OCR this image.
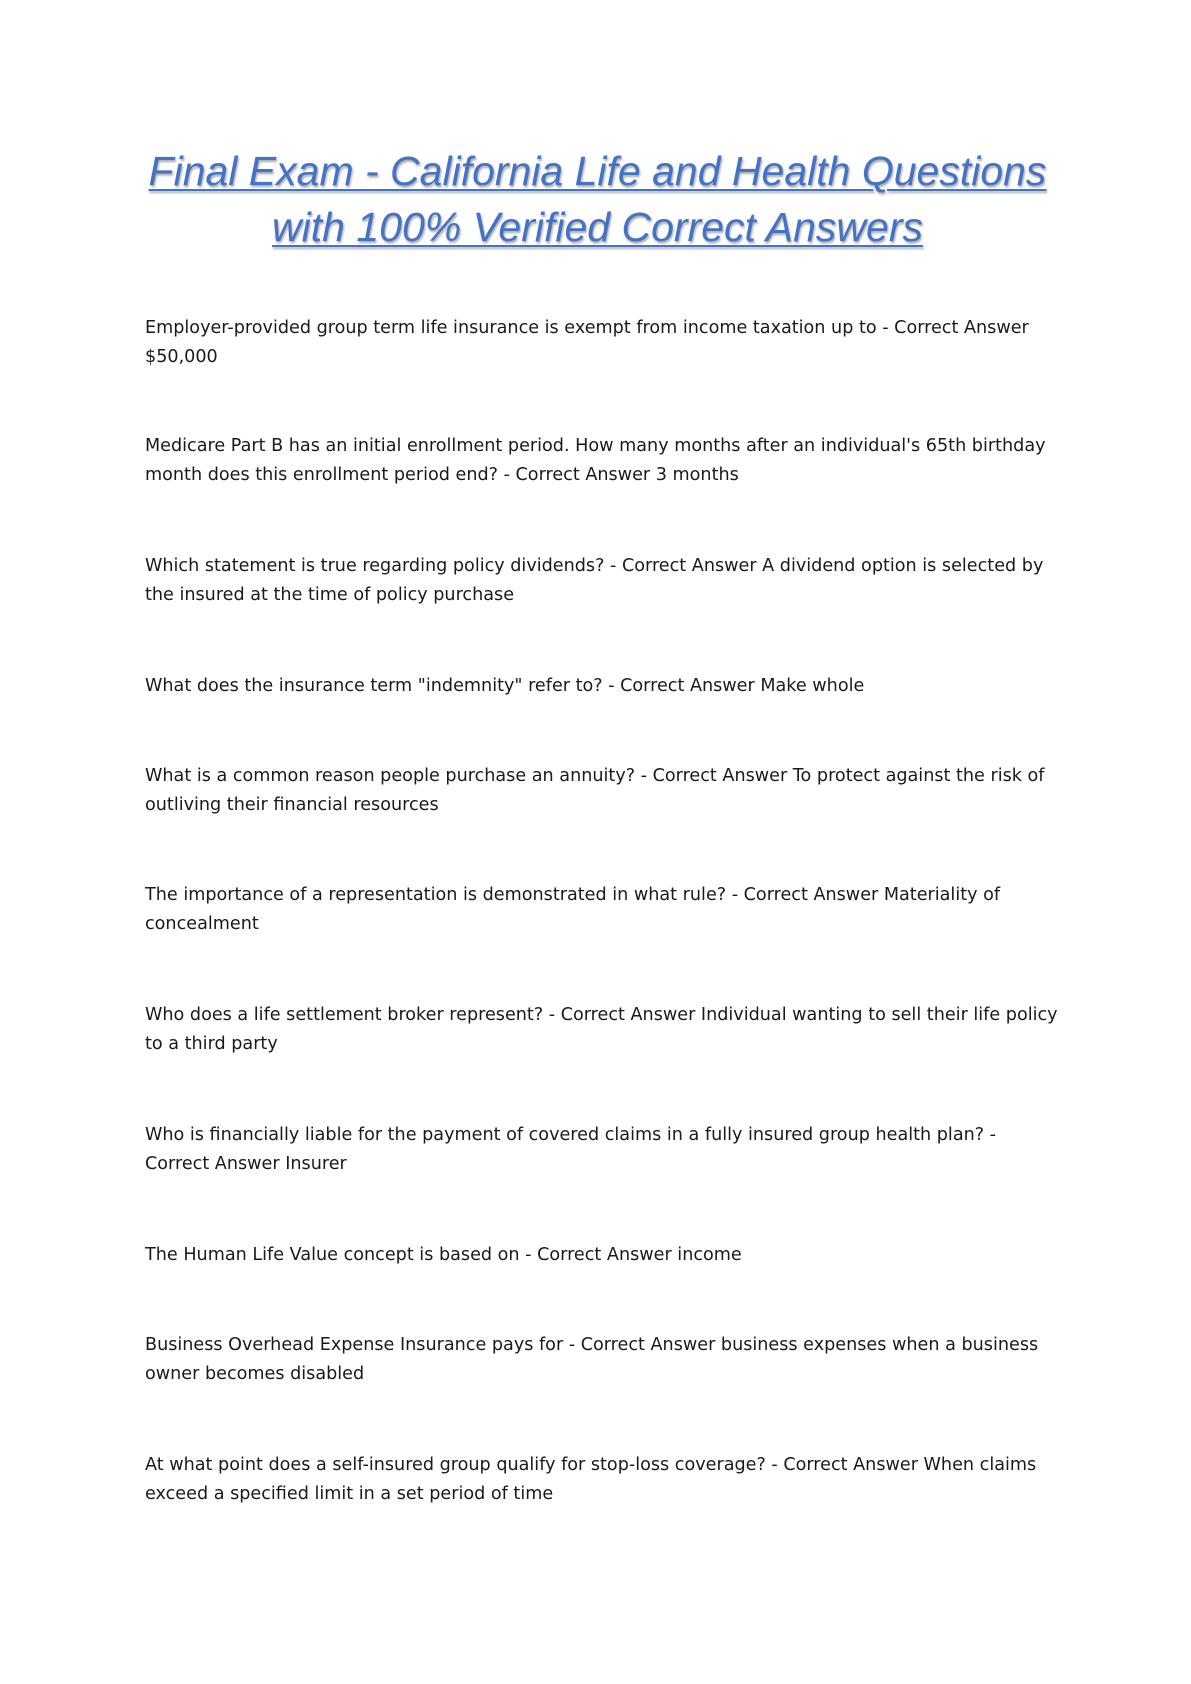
Final Exam - California Life and Health Questions with 100% Verified Correct Answers

Employer-provided group term life insurance is exempt from income taxation up to - Correct Answer $50,000

Medicare Part B has an initial enrollment period. How many months after an individual's 65th birthday month does this enrollment period end? - Correct Answer 3 months

Which statement is true regarding policy dividends? - Correct Answer A dividend option is selected by the insured at the time of policy purchase

What does the insurance term "indemnity" refer to? - Correct Answer Make whole

What is a common reason people purchase an annuity? - Correct Answer To protect against the risk of outliving their financial resources

The importance of a representation is demonstrated in what rule? - Correct Answer Materiality of concealment

Who does a life settlement broker represent? - Correct Answer Individual wanting to sell their life policy to a third party

Who is financially liable for the payment of covered claims in a fully insured group health plan? - Correct Answer Insurer

The Human Life Value concept is based on - Correct Answer income

Business Overhead Expense Insurance pays for - Correct Answer business expenses when a business owner becomes disabled

At what point does a self-insured group qualify for stop-loss coverage? - Correct Answer When claims exceed a specified limit in a set period of time
